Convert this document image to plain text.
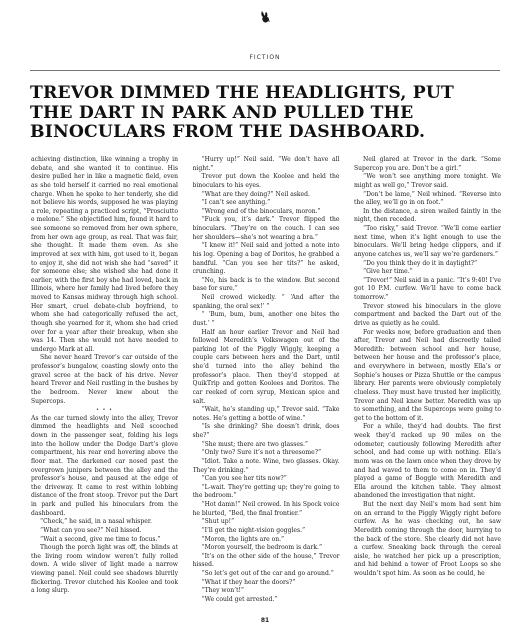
FICTION
TREVOR DIMMED THE HEADLIGHTS, PUT THE DART IN PARK AND PULLED THE BINOCULARS FROM THE DASHBOARD.

achieving distinction, like winning a trophy in debate, and she wanted it to continue. His desire pulled her in like a magnetic field, even as she told herself it carried no real emotional charge. When he spoke to her tenderly, she did not believe his words, supposed he was playing a role, repeating a practiced script, “Prosciutto e melone.” She objectified him, found it hard to see someone so removed from her own sphere, from her own age group, as real. That was fair, she thought. It made them even. As she improved at sex with him, got used to it, began to enjoy it, she did not wish she had “saved” it for someone else; she wished she had done it earlier, with the first boy she had loved, back in Illinois, where her family had lived before they moved to Kansas midway through high school. Her smart, cruel debate-club boyfriend, to whom she had categorically refused the act, though she yearned for it, whom she had cried over for a year after their breakup, when she was 14. Then she would not have needed to undergo Mark at all.

She never heard Trevor’s car outside of the professor’s bungalow, coasting slowly onto the gravel scree at the back of his drive. Never heard Trevor and Neil rustling in the bushes by the bedroom. Never knew about the Supercops.

• • •

As the car turned slowly into the alley, Trevor dimmed the headlights and Neil scooched down in the passenger seat, folding his legs into the hollow under the Dodge Dart’s glove compartment, his rear end hovering above the floor mat. The darkened car nosed past the overgrown junipers between the alley and the professor’s house, and paused at the edge of the driveway. It came to rest within lobbing distance of the front stoop. Trevor put the Dart in park and pulled his binoculars from the dashboard.

“Check,” he said, in a nasal whisper.

“What can you see?” Neil hissed.

“Wait a second, give me time to focus.”

Though the porch light was off, the blinds at the living room window weren’t fully rolled down. A wide sliver of light made a narrow viewing panel. Neil could see shadows blurrily flickering. Trevor clutched his Koolee and took a long slurp.

“Hurry up!” Neil said. “We don’t have all night.”

Trevor put down the Koolee and held the binoculars to his eyes.

“What are they doing?” Neil asked.

“I can’t see anything.”

“Wrong end of the binoculars, moron.”

“Fuck you, it’s dark.” Trevor flipped the binoculars. “They’re on the couch. I can see her shoulders—she’s not wearing a bra.”

“I knew it!” Neil said and jotted a note into his log. Opening a bag of Doritos, he grabbed a handful. “Can you see her tits?” he asked, crunching.

“No, his back is to the window. But second base for sure.”

Neil crowed wickedly. “ ‘And after the spanking, the oral sex!’ ”

“ ‘Bum, bum, bum, another one bites the dust.’ ”

Half an hour earlier Trevor and Neil had followed Meredith’s Volkswagen out of the parking lot of the Piggly Wiggly, keeping a couple cars between hers and the Dart, until she’d turned into the alley behind the professor’s place. Then they’d stopped at QuikTrip and gotten Koolees and Doritos. The car reeked of corn syrup, Mexican spice and salt.

“Wait, he’s standing up,” Trevor said. “Take notes. He’s getting a bottle of wine.”

“Is she drinking? She doesn’t drink, does she?”

“She must; there are two glasses.”

“Only two? Sure it’s not a threesome?”

“Idiot. Take a note. Wine, two glasses. Okay. They’re drinking.”

“Can you see her tits now?”

“L-wait. They’re getting up; they’re going to the bedroom.”

“Hot damn!” Neil crowed. In his Spock voice he blurted, “Bed, the final frontier.”

“Shut up!”

“I’ll get the night-vision goggles.”

“Moron, the lights are on.”

“Moron yourself, the bedroom is dark.”

“It’s on the other side of the house,” Trevor hissed.

“So let’s get out of the car and go around.”

“What if they hear the doors?”

“They won’t!”

“We could get arrested.”

Neil glared at Trevor in the dark. “Some Supercop you are. Don’t be a girl.”

“We won’t see anything more tonight. We might as well go,” Trevor said.

“Don’t be lame,” Neil whined. “Reverse into the alley, we’ll go in on foot.”

In the distance, a siren wailed faintly in the night, then receded.

“Too risky,” said Trevor. “We’ll come earlier next time, when it’s light enough to use the binoculars. We’ll bring hedge clippers, and if anyone catches us, we’ll say we’re gardeners.”

“Do you think they do it in daylight?”

“Give her time.”

“Trevor!” Neil said in a panic. “It’s 9:40! I’ve got 10 P.M. curfew. We’ll have to come back tomorrow.”

Trevor stowed his binoculars in the glove compartment and backed the Dart out of the drive as quietly as he could.

For weeks now, before graduation and then after, Trevor and Neil had discreetly tailed Meredith: between school and her house, between her house and the professor’s place, and everywhere in between, mostly Ella’s or Sophie’s houses or Pizza Shuttle or the campus library. Her parents were obviously completely clueless. They must have trusted her implicitly, Trevor and Neil knew better. Meredith was up to something, and the Supercops were going to get to the bottom of it.

For a while, they’d had doubts. The first week they’d racked up 90 miles on the odometer, cautiously following Meredith after school, and had come up with nothing. Ella’s mom was on the lawn once when they drove by and had waved to them to come on in. They’d played a game of Boggle with Meredith and Ella around the kitchen table. They almost abandoned the investigation that night.

But the next day Neil’s mom had sent him on an errand to the Piggly Wiggly right before curfew. As he was checking out, he saw Meredith coming through the door, hurrying to the back of the store. She clearly did not have a curfew. Sneaking back through the cereal aisle, he watched her pick up a prescription, and hid behind a tower of Froot Loops so she wouldn’t spot him. As soon as he could, he

81
